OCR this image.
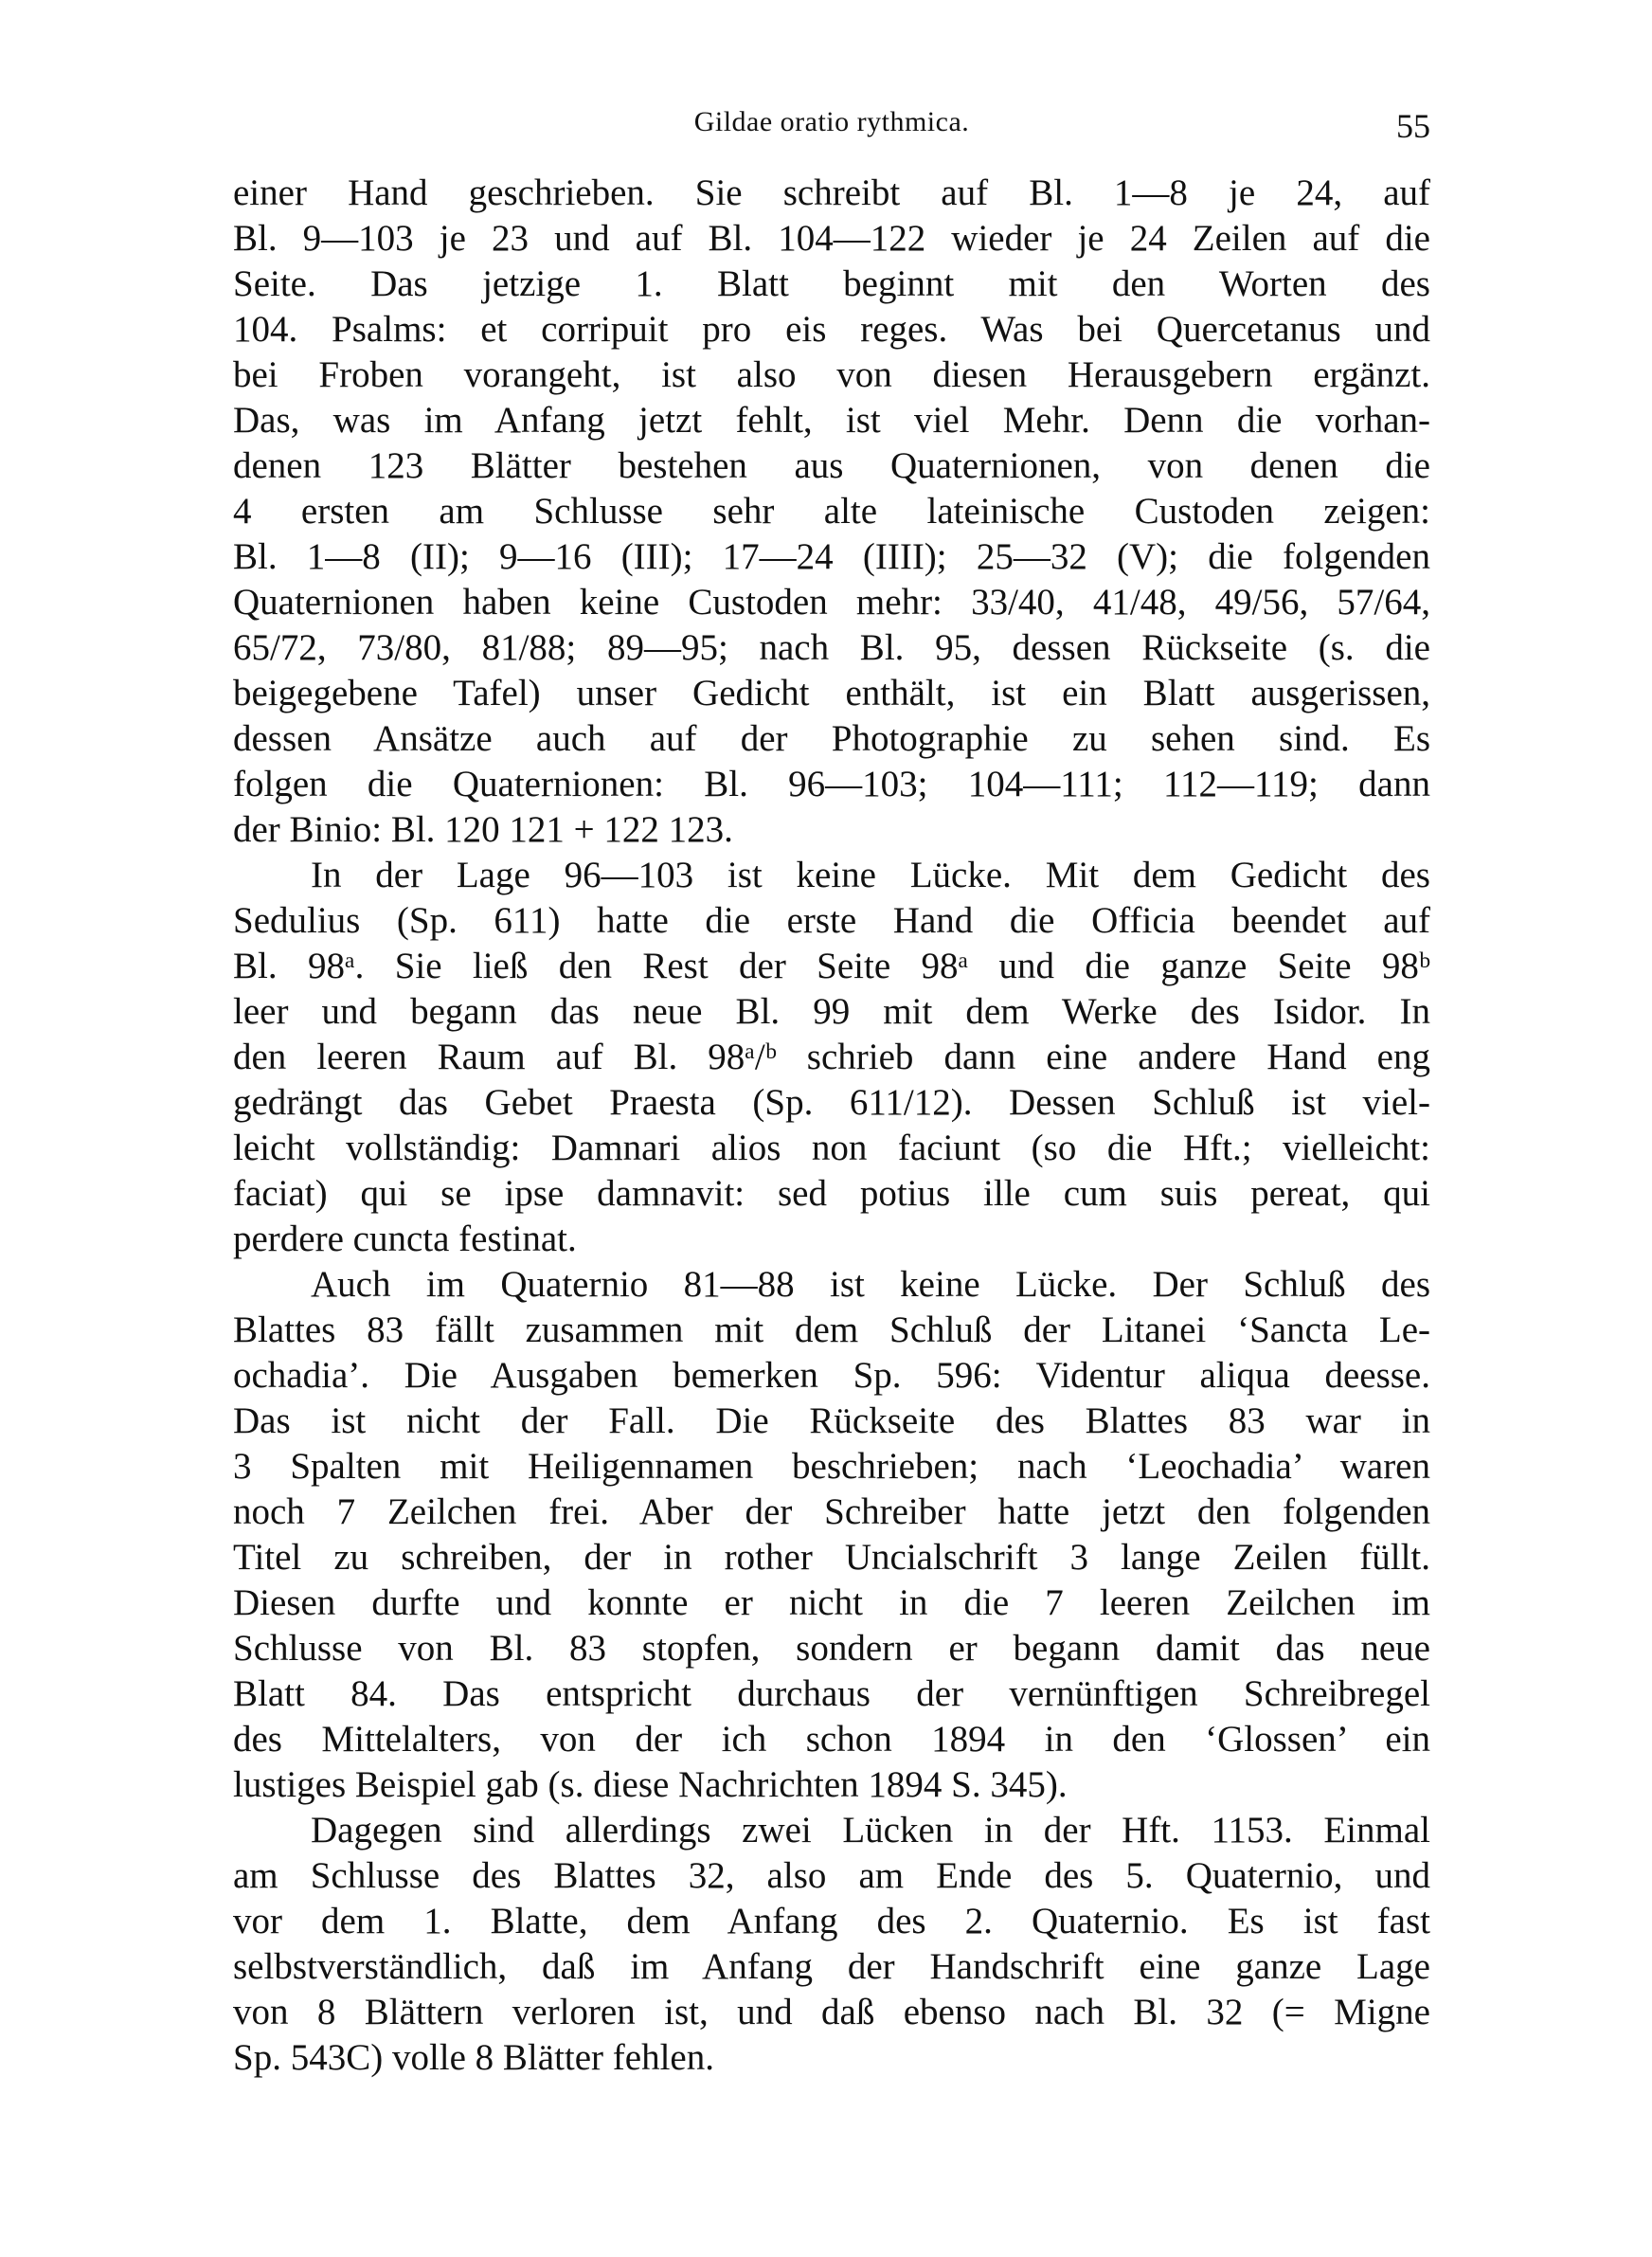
Gildae oratio rythmica.	55
einer Hand geschrieben. Sie schreibt auf Bl. 1—8 je 24, auf
Bl. 9—103 je 23 und auf Bl. 104—122 wieder je 24 Zeilen auf die
Seite. Das jetzige 1. Blatt beginnt mit den Worten des
104. Psalms: et corripuit pro eis reges. Was bei Quercetanus und
bei Froben vorangeht, ist also von diesen Herausgebern ergänzt.
Das, was im Anfang jetzt fehlt, ist viel Mehr. Denn die vorhan-
denen 123 Blätter bestehen aus Quaternionen, von denen die
4 ersten am Schlusse sehr alte lateinische Custoden zeigen:
Bl. 1—8 (II); 9—16 (III); 17—24 (IIII); 25—32 (V); die folgenden
Quaternionen haben keine Custoden mehr: 33/40, 41/48, 49/56, 57/64,
65/72, 73/80, 81/88; 89—95; nach Bl. 95, dessen Rückseite (s. die
beigegebene Tafel) unser Gedicht enthält, ist ein Blatt ausgerissen,
dessen Ansätze auch auf der Photographie zu sehen sind. Es
folgen die Quaternionen: Bl. 96—103; 104—111; 112—119; dann
der Binio: Bl. 120 121 + 122 123.
In der Lage 96—103 ist keine Lücke. Mit dem Gedicht des
Sedulius (Sp. 611) hatte die erste Hand die Officia beendet auf
Bl. 98ᵃ. Sie ließ den Rest der Seite 98ᵃ und die ganze Seite 98ᵇ
leer und begann das neue Bl. 99 mit dem Werke des Isidor. In
den leeren Raum auf Bl. 98ᵃ/ᵇ schrieb dann eine andere Hand eng
gedrängt das Gebet Praesta (Sp. 611/12). Dessen Schluß ist viel-
leicht vollständig: Damnari alios non faciunt (so die Hft.; vielleicht:
faciat) qui se ipse damnavit: sed potius ille cum suis pereat, qui
perdere cuncta festinat.
Auch im Quaternio 81—88 ist keine Lücke. Der Schluß des
Blattes 83 fällt zusammen mit dem Schluß der Litanei ‘Sancta Le-
ochadia’. Die Ausgaben bemerken Sp. 596: Videntur aliqua deesse.
Das ist nicht der Fall. Die Rückseite des Blattes 83 war in
3 Spalten mit Heiligennamen beschrieben; nach ‘Leochadia’ waren
noch 7 Zeilchen frei. Aber der Schreiber hatte jetzt den folgenden
Titel zu schreiben, der in rother Uncialschrift 3 lange Zeilen füllt.
Diesen durfte und konnte er nicht in die 7 leeren Zeilchen im
Schlusse von Bl. 83 stopfen, sondern er begann damit das neue
Blatt 84. Das entspricht durchaus der vernünftigen Schreibregel
des Mittelalters, von der ich schon 1894 in den ‘Glossen’ ein
lustiges Beispiel gab (s. diese Nachrichten 1894 S. 345).
Dagegen sind allerdings zwei Lücken in der Hft. 1153. Einmal
am Schlusse des Blattes 32, also am Ende des 5. Quaternio, und
vor dem 1. Blatte, dem Anfang des 2. Quaternio. Es ist fast
selbstverständlich, daß im Anfang der Handschrift eine ganze Lage
von 8 Blättern verloren ist, und daß ebenso nach Bl. 32 (= Migne
Sp. 543C) volle 8 Blätter fehlen.
